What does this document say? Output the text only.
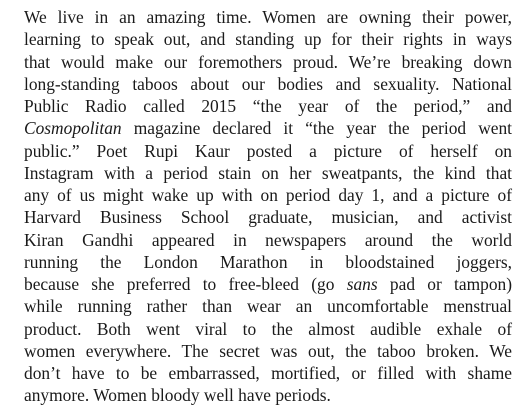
We live in an amazing time. Women are owning their power,
learning to speak out, and standing up for their rights in ways
that would make our foremothers proud. We’re breaking down
long-standing taboos about our bodies and sexuality. National
Public Radio called 2015 “the year of the period,” and
Cosmopolitan magazine declared it “the year the period went
public.” Poet Rupi Kaur posted a picture of herself on
Instagram with a period stain on her sweatpants, the kind that
any of us might wake up with on period day 1, and a picture of
Harvard Business School graduate, musician, and activist
Kiran Gandhi appeared in newspapers around the world
running the London Marathon in bloodstained joggers,
because she preferred to free-bleed (go sans pad or tampon)
while running rather than wear an uncomfortable menstrual
product. Both went viral to the almost audible exhale of
women everywhere. The secret was out, the taboo broken. We
don’t have to be embarrassed, mortified, or filled with shame
anymore. Women bloody well have periods.
